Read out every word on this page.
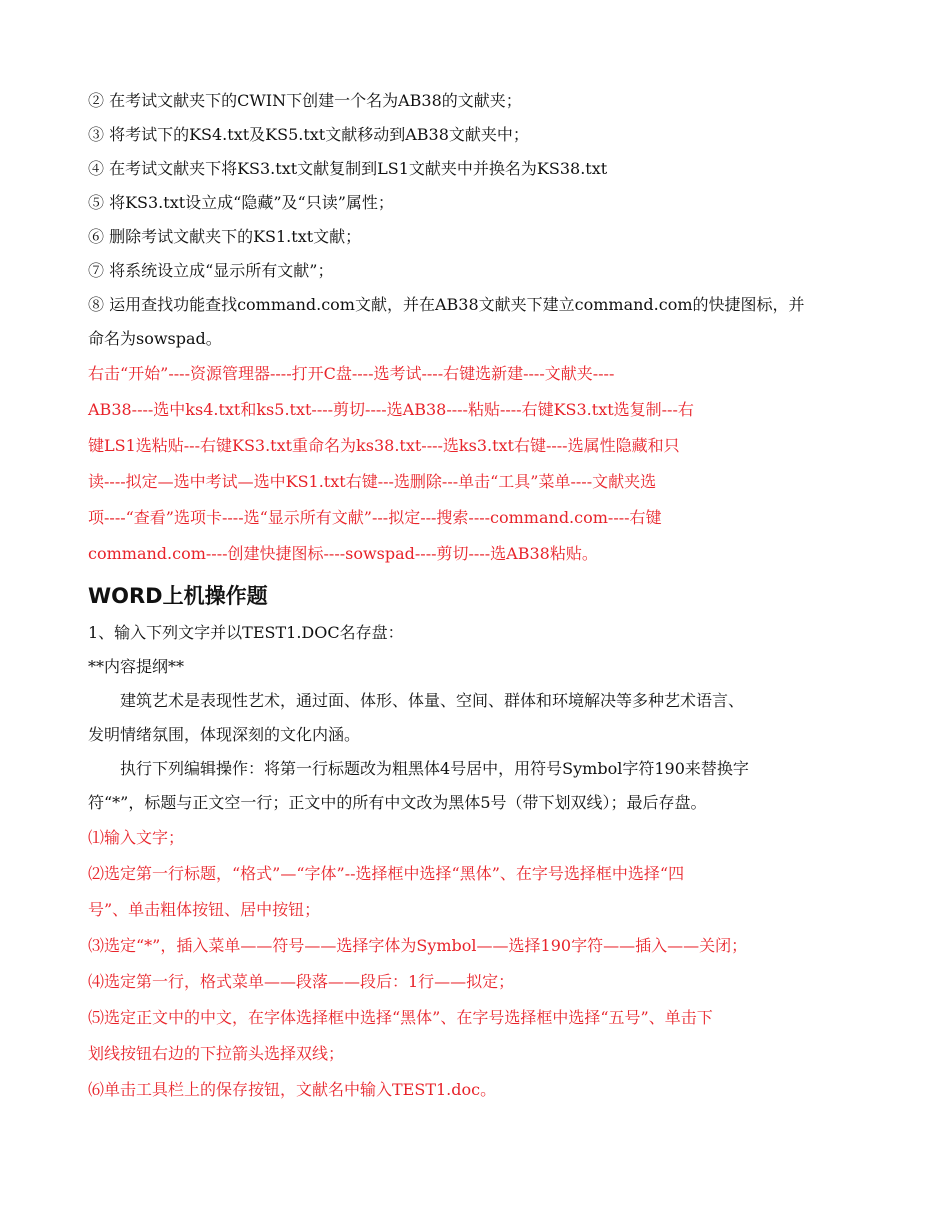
② 在考试文献夹下的CWIN下创建一个名为AB38的文献夹；

③ 将考试下的KS4.txt及KS5.txt文献移动到AB38文献夹中；

④ 在考试文献夹下将KS3.txt文献复制到LS1文献夹中并换名为KS38.txt

⑤ 将KS3.txt设立成“隐藏”及“只读”属性；

⑥ 删除考试文献夹下的KS1.txt文献；

⑦ 将系统设立成“显示所有文献”；

⑧ 运用查找功能查找command.com文献，并在AB38文献夹下建立command.com的快捷图标，并

命名为sowspad。

右击“开始”----资源管理器----打开C盘----选考试----右键选新建----文献夹----

AB38----选中ks4.txt和ks5.txt----剪切----选AB38----粘贴----右键KS3.txt选复制---右

键LS1选粘贴---右键KS3.txt重命名为ks38.txt----选ks3.txt右键----选属性隐藏和只

读----拟定—选中考试—选中KS1.txt右键---选删除---单击“工具”菜单----文献夹选

项----“查看”选项卡----选“显示所有文献”---拟定---搜索----command.com----右键

command.com----创建快捷图标----sowspad----剪切----选AB38粘贴。

WORD上机操作题

1、输入下列文字并以TEST1.DOC名存盘：

**内容提纲**

建筑艺术是表现性艺术，通过面、体形、体量、空间、群体和环境解决等多种艺术语言、

发明情绪氛围，体现深刻的文化内涵。

执行下列编辑操作：将第一行标题改为粗黑体4号居中，用符号Symbol字符190来替换字

符“*”，标题与正文空一行；正文中的所有中文改为黑体5号（带下划双线）；最后存盘。

⑴输入文字；

⑵选定第一行标题，“格式”—“字体”--选择框中选择“黑体”、在字号选择框中选择“四

号”、单击粗体按钮、居中按钮；

⑶选定“*”，插入菜单——符号——选择字体为Symbol——选择190字符——插入——关闭；

⑷选定第一行，格式菜单——段落——段后：1行——拟定；

⑸选定正文中的中文，在字体选择框中选择“黑体”、在字号选择框中选择“五号”、单击下

划线按钮右边的下拉箭头选择双线；

⑹单击工具栏上的保存按钮，文献名中输入TEST1.doc。
